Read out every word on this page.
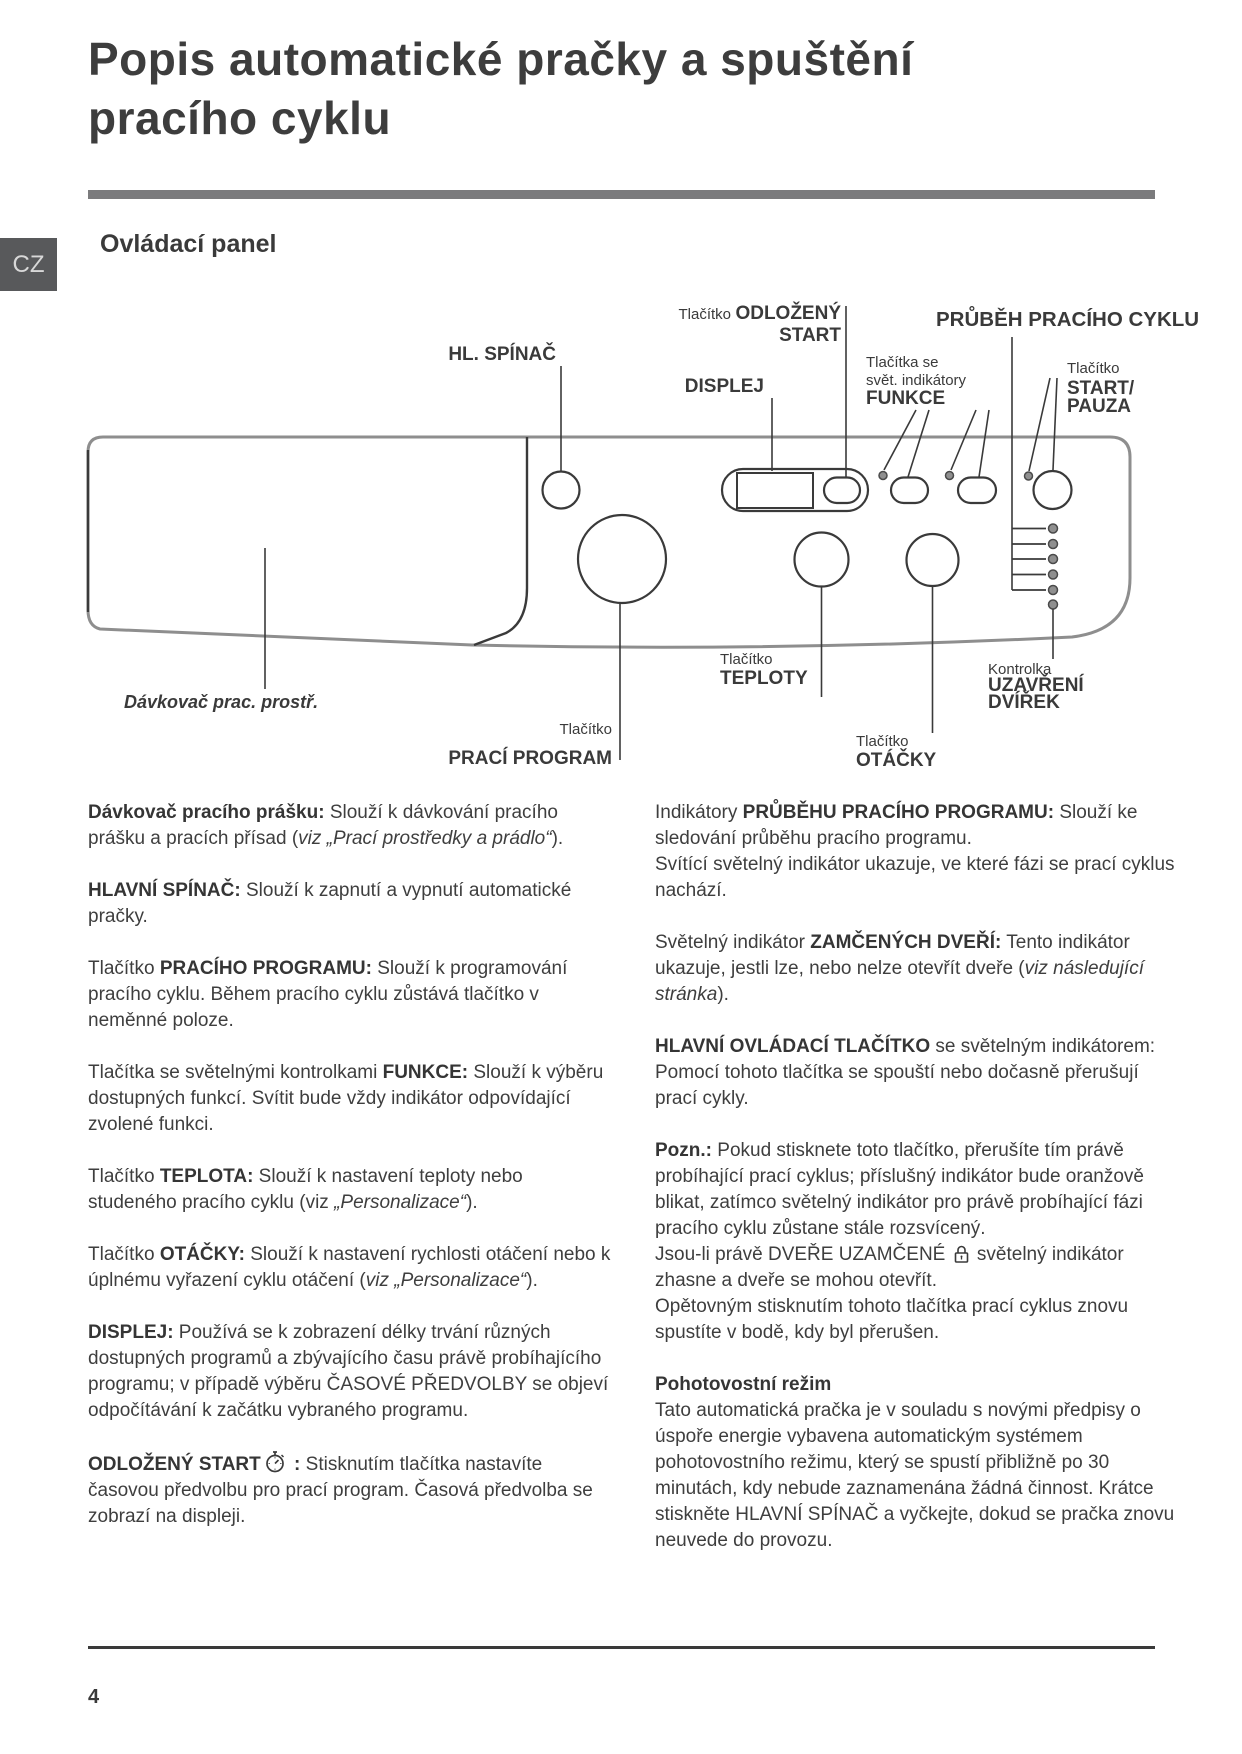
Popis automatické pračky a spuštění pracího cyklu
CZ
Ovládací panel
HL. SPÍNAČ
DISPLEJ
Tlačítko ODLOŽENÝ
START
Tlačítka se
svět. indikátory
FUNKCE
PRŮBĚH PRACÍHO CYKLU
Tlačítko
START/
PAUZA
Tlačítko
TEPLOTY
Tlačítko
OTÁČKY
Kontrolka
UZAVŘENÍ
DVÍŘEK
Dávkovač prac. prostř.
Tlačítko
PRACÍ PROGRAM

Dávkovač pracího prášku: Slouží k dávkování pracího prášku a pracích přísad (viz „Prací prostředky a prádlo“).

HLAVNÍ SPÍNAČ: Slouží k zapnutí a vypnutí automatické pračky.

Tlačítko PRACÍHO PROGRAMU: Slouží k programování pracího cyklu. Během pracího cyklu zůstává tlačítko v neměnné poloze.

Tlačítka se světelnými kontrolkami FUNKCE: Slouží k výběru dostupných funkcí. Svítit bude vždy indikátor odpovídající zvolené funkci.

Tlačítko TEPLOTA: Slouží k nastavení teploty nebo studeného pracího cyklu (viz „Personalizace“).

Tlačítko OTÁČKY: Slouží k nastavení rychlosti otáčení nebo k úplnému vyřazení cyklu otáčení (viz „Personalizace“).

DISPLEJ: Používá se k zobrazení délky trvání různých dostupných programů a zbývajícího času právě probíhajícího programu; v případě výběru ČASOVÉ PŘEDVOLBY se objeví odpočítávání k začátku vybraného programu.

ODLOŽENÝ START : Stisknutím tlačítka nastavíte časovou předvolbu pro prací program. Časová předvolba se zobrazí na displeji.

Indikátory PRŮBĚHU PRACÍHO PROGRAMU: Slouží ke sledování průběhu pracího programu.
Svítící světelný indikátor ukazuje, ve které fázi se prací cyklus nachází.

Světelný indikátor ZAMČENÝCH DVEŘÍ: Tento indikátor ukazuje, jestli lze, nebo nelze otevřít dveře (viz následující stránka).

HLAVNÍ OVLÁDACÍ TLAČÍTKO se světelným indikátorem: Pomocí tohoto tlačítka se spouští nebo dočasně přerušují prací cykly.

Pozn.: Pokud stisknete toto tlačítko, přerušíte tím právě probíhající prací cyklus; příslušný indikátor bude oranžově blikat, zatímco světelný indikátor pro právě probíhající fázi pracího cyklu zůstane stále rozsvícený.
Jsou-li právě DVEŘE UZAMČENÉ  světelný indikátor zhasne a dveře se mohou otevřít.
Opětovným stisknutím tohoto tlačítka prací cyklus znovu spustíte v bodě, kdy byl přerušen.

Pohotovostní režim
Tato automatická pračka je v souladu s novými předpisy o úspoře energie vybavena automatickým systémem pohotovostního režimu, který se spustí přibližně po 30 minutách, kdy nebude zaznamenána žádná činnost. Krátce stiskněte HLAVNÍ SPÍNAČ a vyčkejte, dokud se pračka znovu neuvede do provozu.

4
